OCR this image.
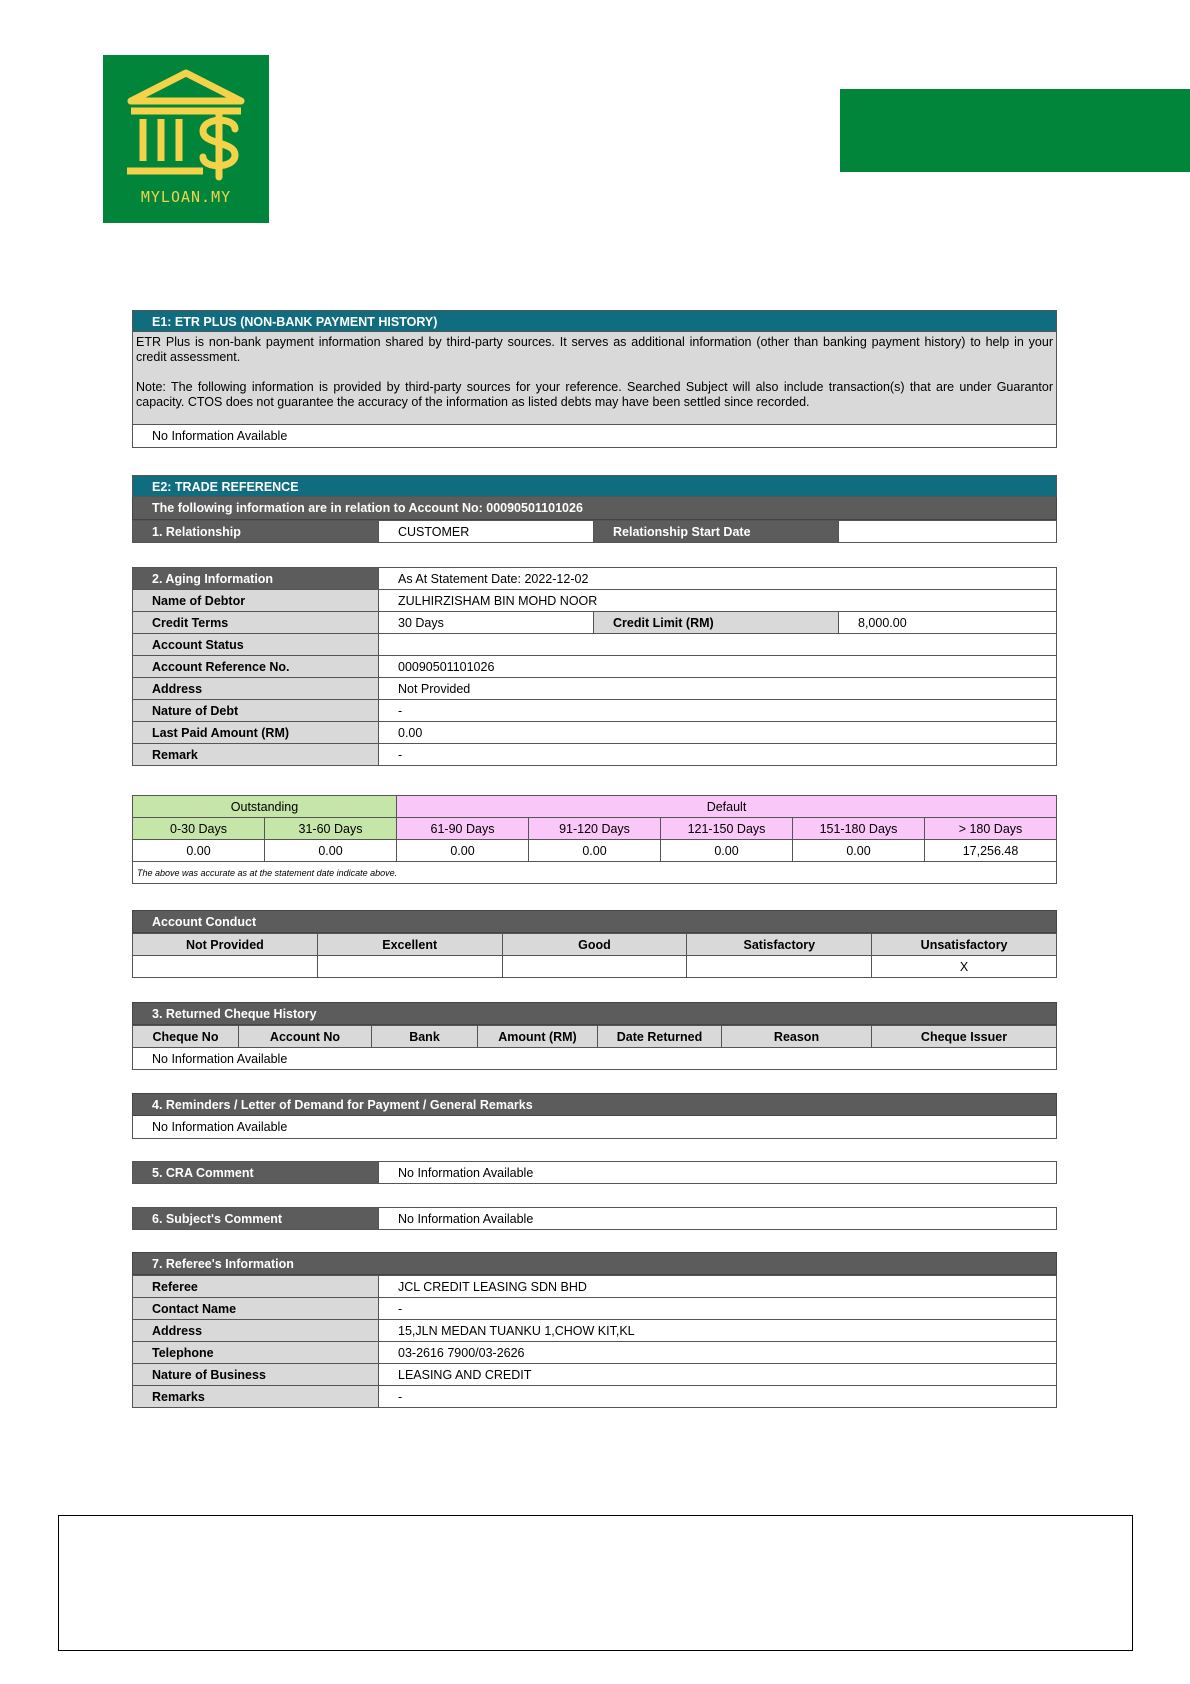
MYLOAN.MY
E1: ETR PLUS (NON-BANK PAYMENT HISTORY)
ETR Plus is non-bank payment information shared by third-party sources. It serves as additional information (other than banking payment history) to help in your credit assessment.
Note: The following information is provided by third-party sources for your reference. Searched Subject will also include transaction(s) that are under Guarantor capacity. CTOS does not guarantee the accuracy of the information as listed debts may have been settled since recorded.
No Information Available
E2: TRADE REFERENCE
The following information are in relation to Account No: 00090501101026
1. Relationship	CUSTOMER	Relationship Start Date	
2. Aging Information	As At Statement Date: 2022-12-02		
Name of Debtor	ZULHIRZISHAM BIN MOHD NOOR		
Credit Terms	30 Days	Credit Limit (RM)	8,000.00
Account Status			
Account Reference No.	00090501101026		
Address	Not Provided		
Nature of Debt	-		
Last Paid Amount (RM)	0.00		
Remark	-		
Outstanding		Default				
0-30 Days	31-60 Days	61-90 Days	91-120 Days	121-150 Days	151-180 Days	> 180 Days
0.00	0.00	0.00	0.00	0.00	0.00	17,256.48
The above was accurate as at the statement date indicate above.						
Account Conduct
Not Provided	Excellent	Good	Satisfactory	Unsatisfactory
				X
3. Returned Cheque History
Cheque No	Account No	Bank	Amount (RM)	Date Returned	Reason	Cheque Issuer
No Information Available
4. Reminders / Letter of Demand for Payment / General Remarks
No Information Available
5. CRA Comment	No Information Available
6. Subject's Comment	No Information Available
7. Referee's Information
Referee	JCL CREDIT LEASING SDN BHD
Contact Name	-
Address	15,JLN MEDAN TUANKU 1,CHOW KIT,KL
Telephone	03-2616 7900/03-2626
Nature of Business	LEASING AND CREDIT
Remarks	-
